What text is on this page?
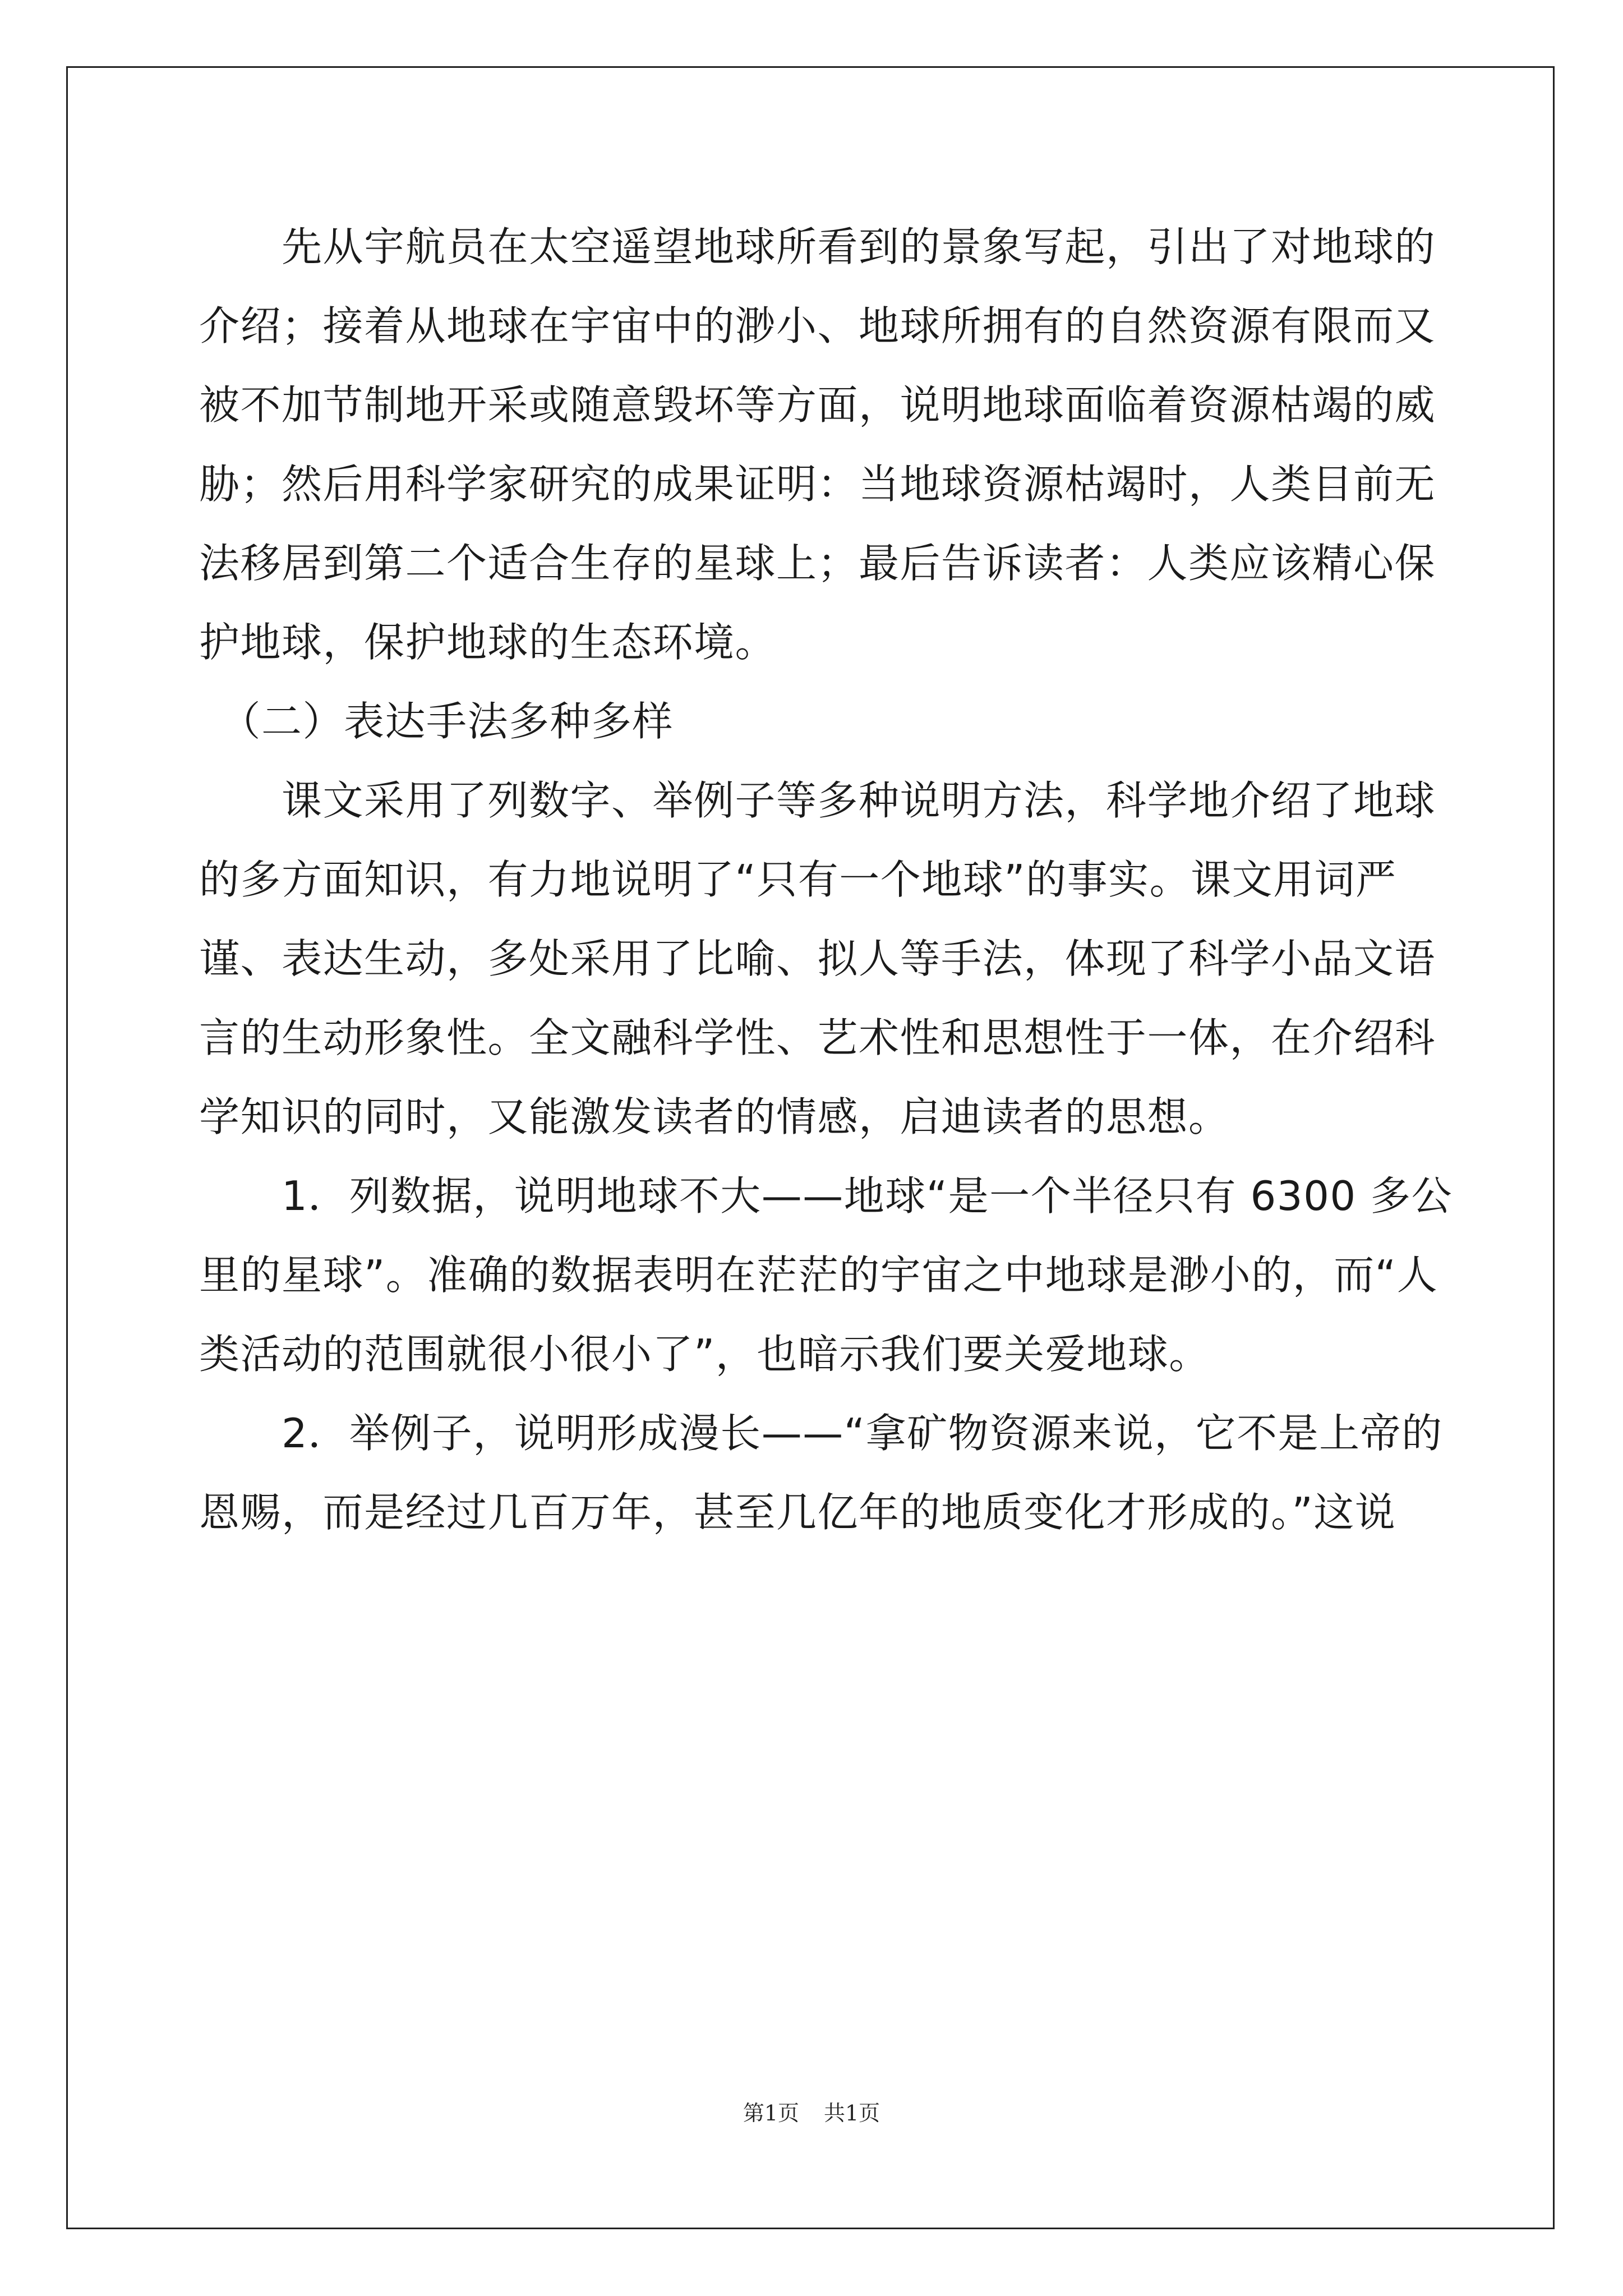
　　先从宇航员在太空遥望地球所看到的景象写起，引出了对地球的
介绍；接着从地球在宇宙中的渺小、地球所拥有的自然资源有限而又
被不加节制地开采或随意毁坏等方面，说明地球面临着资源枯竭的威
胁；然后用科学家研究的成果证明：当地球资源枯竭时，人类目前无
法移居到第二个适合生存的星球上；最后告诉读者：人类应该精心保
护地球，保护地球的生态环境。
　（二）表达手法多种多样
　　课文采用了列数字、举例子等多种说明方法，科学地介绍了地球
的多方面知识，有力地说明了“只有一个地球”的事实。课文用词严
谨、表达生动，多处采用了比喻、拟人等手法，体现了科学小品文语
言的生动形象性。全文融科学性、艺术性和思想性于一体，在介绍科
学知识的同时，又能激发读者的情感，启迪读者的思想。
　　1．列数据，说明地球不大——地球“是一个半径只有 6300 多公
里的星球”。准确的数据表明在茫茫的宇宙之中地球是渺小的，而“人
类活动的范围就很小很小了”，也暗示我们要关爱地球。
　　2．举例子，说明形成漫长——“拿矿物资源来说，它不是上帝的
恩赐，而是经过几百万年，甚至几亿年的地质变化才形成的。”这说
第1页 共1页
